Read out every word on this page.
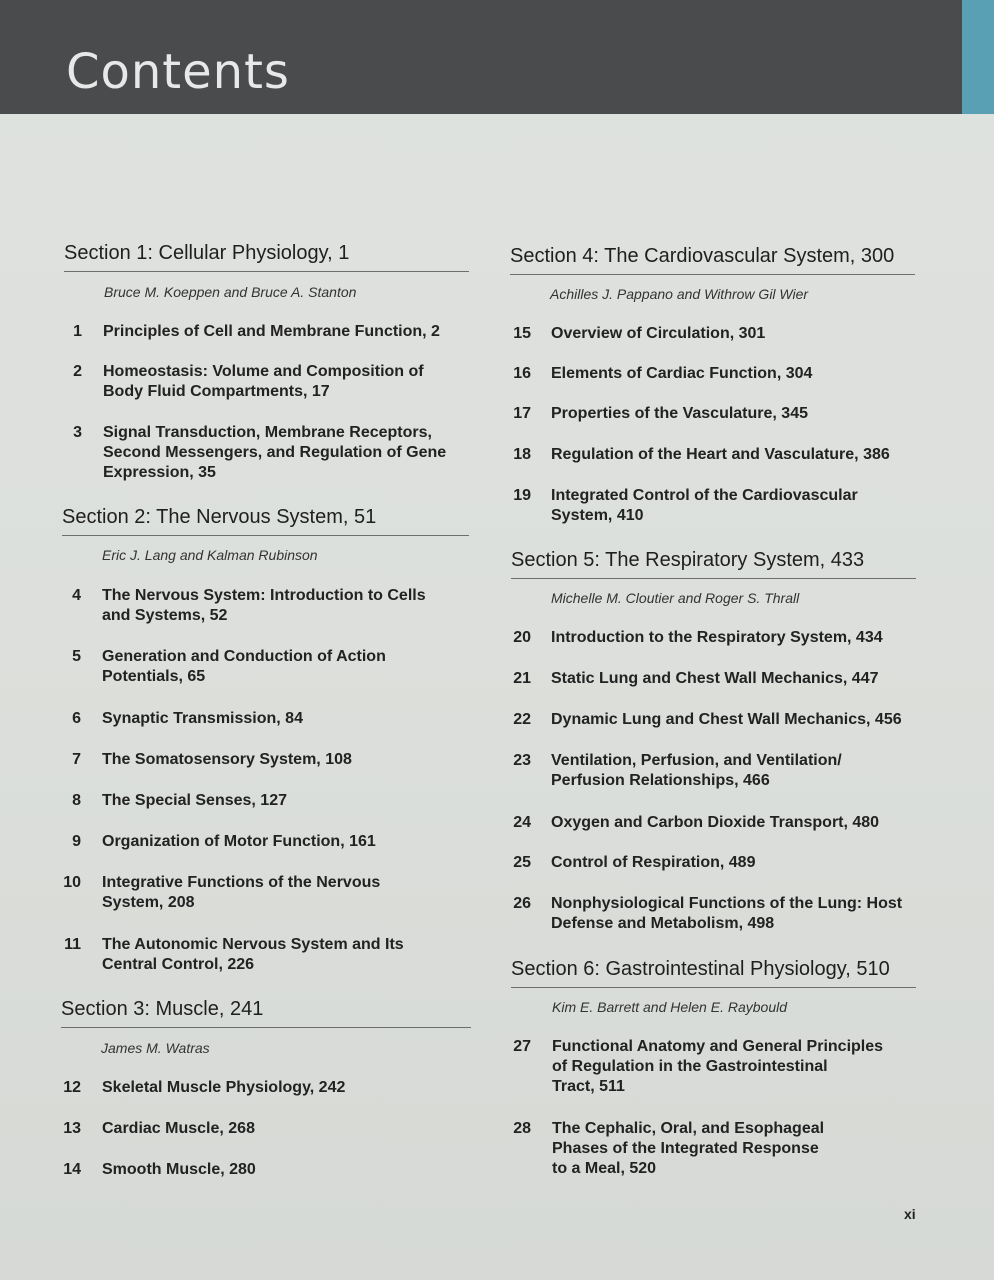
Contents
Section 1: Cellular Physiology, 1
Bruce M. Koeppen and Bruce A. Stanton
1	Principles of Cell and Membrane Function, 2
2	Homeostasis: Volume and Composition of
Body Fluid Compartments, 17
3	Signal Transduction, Membrane Receptors,
Second Messengers, and Regulation of Gene
Expression, 35
Section 2: The Nervous System, 51
Eric J. Lang and Kalman Rubinson
4	The Nervous System: Introduction to Cells
and Systems, 52
5	Generation and Conduction of Action
Potentials, 65
6	Synaptic Transmission, 84
7	The Somatosensory System, 108
8	The Special Senses, 127
9	Organization of Motor Function, 161
10	Integrative Functions of the Nervous
System, 208
11	The Autonomic Nervous System and Its
Central Control, 226
Section 3: Muscle, 241
James M. Watras
12	Skeletal Muscle Physiology, 242
13	Cardiac Muscle, 268
14	Smooth Muscle, 280
Section 4: The Cardiovascular System, 300
Achilles J. Pappano and Withrow Gil Wier
15	Overview of Circulation, 301
16	Elements of Cardiac Function, 304
17	Properties of the Vasculature, 345
18	Regulation of the Heart and Vasculature, 386
19	Integrated Control of the Cardiovascular
System, 410
Section 5: The Respiratory System, 433
Michelle M. Cloutier and Roger S. Thrall
20	Introduction to the Respiratory System, 434
21	Static Lung and Chest Wall Mechanics, 447
22	Dynamic Lung and Chest Wall Mechanics, 456
23	Ventilation, Perfusion, and Ventilation/
Perfusion Relationships, 466
24	Oxygen and Carbon Dioxide Transport, 480
25	Control of Respiration, 489
26	Nonphysiological Functions of the Lung: Host
Defense and Metabolism, 498
Section 6: Gastrointestinal Physiology, 510
Kim E. Barrett and Helen E. Raybould
27	Functional Anatomy and General Principles
of Regulation in the Gastrointestinal
Tract, 511
28	The Cephalic, Oral, and Esophageal
Phases of the Integrated Response
to a Meal, 520
xi
